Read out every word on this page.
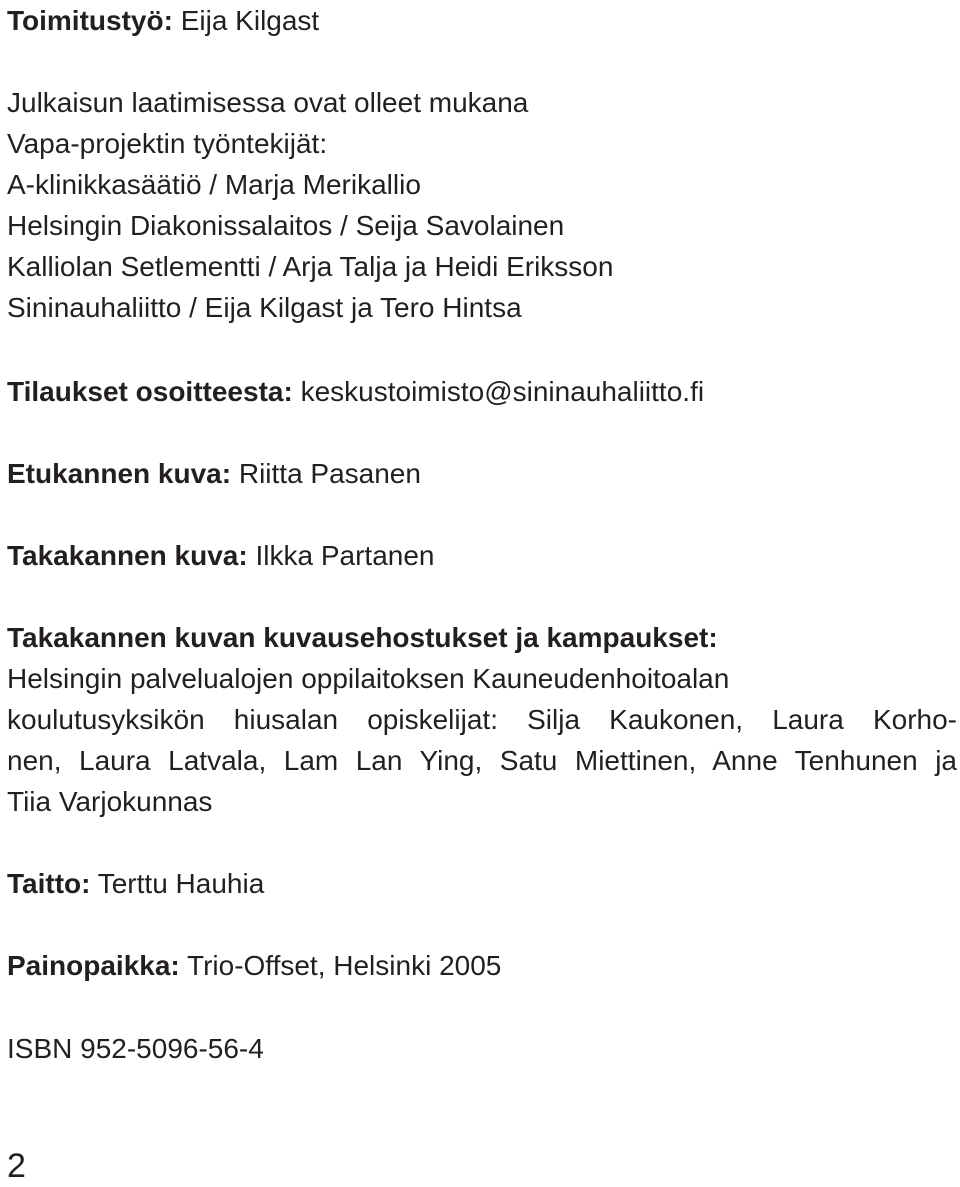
Toimitustyö: Eija Kilgast
Julkaisun laatimisessa ovat olleet mukana
Vapa-projektin työntekijät:
A-klinikkasäätiö / Marja Merikallio
Helsingin Diakonissalaitos / Seija Savolainen
Kalliolan Setlementti / Arja Talja ja Heidi Eriksson
Sininauhaliitto / Eija Kilgast ja Tero Hintsa
Tilaukset osoitteesta: keskustoimisto@sininauhaliitto.fi
Etukannen kuva: Riitta Pasanen
Takakannen kuva: Ilkka Partanen
Takakannen kuvan kuvausehostukset ja kampaukset:
Helsingin palvelualojen oppilaitoksen Kauneudenhoitoalan
koulutusyksikön hiusalan opiskelijat: Silja Kaukonen, Laura Korho-
nen, Laura Latvala, Lam Lan Ying, Satu Miettinen, Anne Tenhunen ja
Tiia Varjokunnas
Taitto: Terttu Hauhia
Painopaikka: Trio-Offset, Helsinki 2005
ISBN 952-5096-56-4
2
